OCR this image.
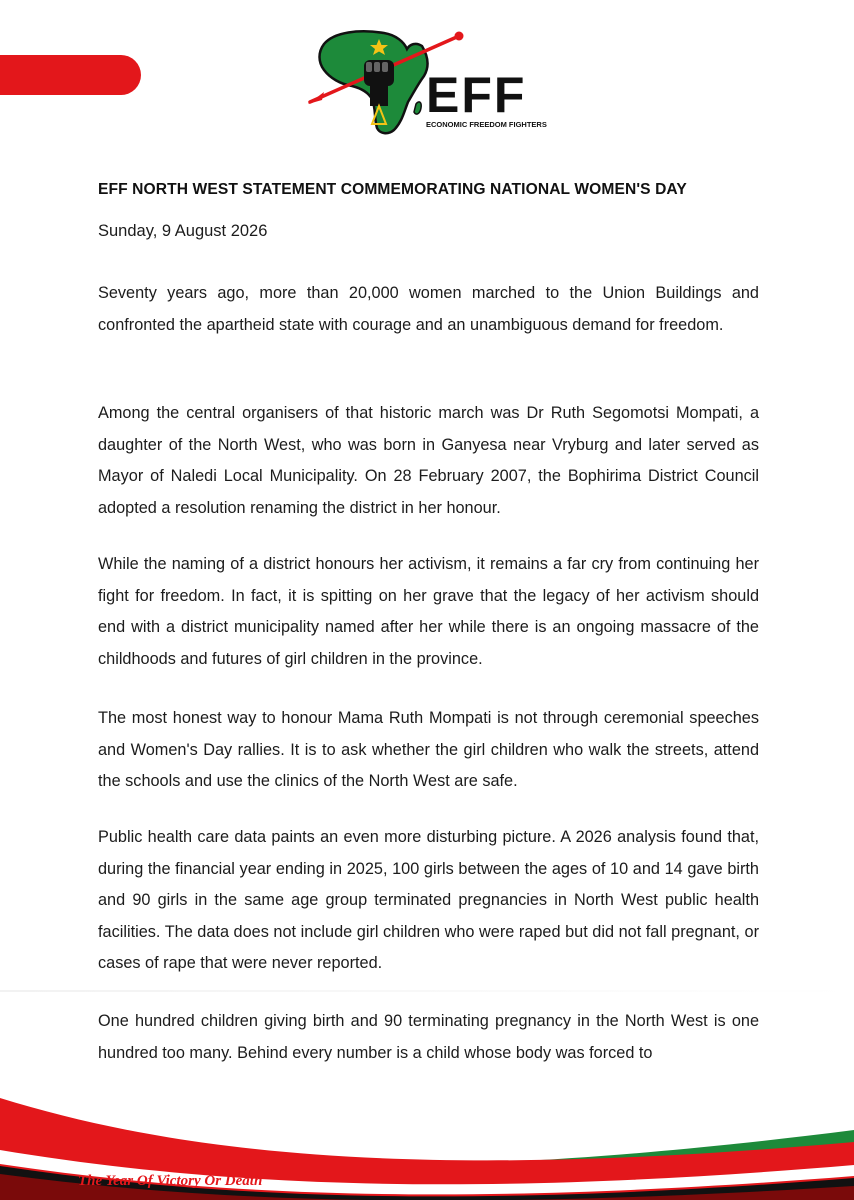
EFF
ECONOMIC FREEDOM FIGHTERS
EFF NORTH WEST STATEMENT COMMEMORATING NATIONAL WOMEN'S DAY
Sunday, 9 August 2026

Seventy years ago, more than 20,000 women marched to the Union Buildings and confronted the apartheid state with courage and an unambiguous demand for freedom.

Among the central organisers of that historic march was Dr Ruth Segomotsi Mompati, a daughter of the North West, who was born in Ganyesa near Vryburg and later served as Mayor of Naledi Local Municipality. On 28 February 2007, the Bophirima District Council adopted a resolution renaming the district in her honour.

While the naming of a district honours her activism, it remains a far cry from continuing her fight for freedom. In fact, it is spitting on her grave that the legacy of her activism should end with a district municipality named after her while there is an ongoing massacre of the childhoods and futures of girl children in the province.

The most honest way to honour Mama Ruth Mompati is not through ceremonial speeches and Women's Day rallies. It is to ask whether the girl children who walk the streets, attend the schools and use the clinics of the North West are safe.

Public health care data paints an even more disturbing picture. A 2026 analysis found that, during the financial year ending in 2025, 100 girls between the ages of 10 and 14 gave birth and 90 girls in the same age group terminated pregnancies in North West public health facilities. The data does not include girl children who were raped but did not fall pregnant, or cases of rape that were never reported.

One hundred children giving birth and 90 terminating pregnancy in the North West is one hundred too many. Behind every number is a child whose body was forced to

The Year Of Victory Or Death
